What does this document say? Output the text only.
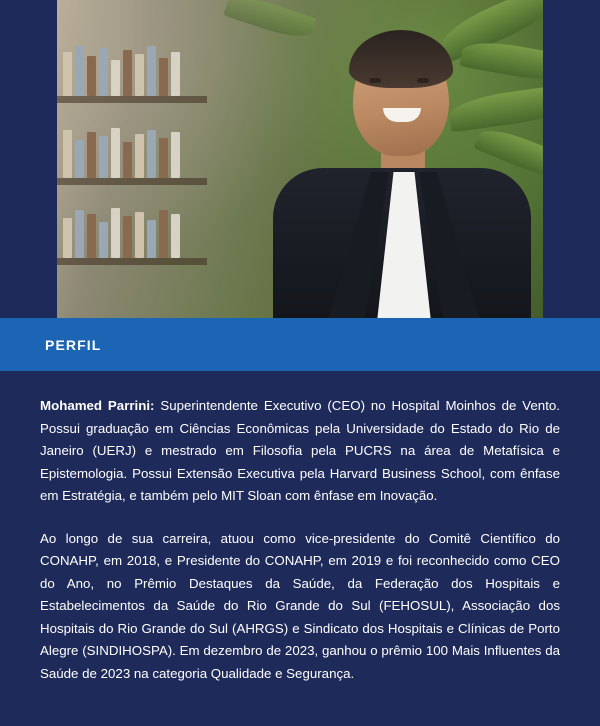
PERFIL

Mohamed Parrini: Superintendente Executivo (CEO) no Hospital Moinhos de Vento. Possui graduação em Ciências Econômicas pela Universidade do Estado do Rio de Janeiro (UERJ) e mestrado em Filosofia pela PUCRS na área de Metafísica e Epistemologia. Possui Extensão Executiva pela Harvard Business School, com ênfase em Estratégia, e também pelo MIT Sloan com ênfase em Inovação.

Ao longo de sua carreira, atuou como vice-presidente do Comitê Científico do CONAHP, em 2018, e Presidente do CONAHP, em 2019 e foi reconhecido como CEO do Ano, no Prêmio Destaques da Saúde, da Federação dos Hospitais e Estabelecimentos da Saúde do Rio Grande do Sul (FEHOSUL), Associação dos Hospitais do Rio Grande do Sul (AHRGS) e Sindicato dos Hospitais e Clínicas de Porto Alegre (SINDIHOSPA). Em dezembro de 2023, ganhou o prêmio 100 Mais Influentes da Saúde de 2023 na categoria Qualidade e Segurança.
